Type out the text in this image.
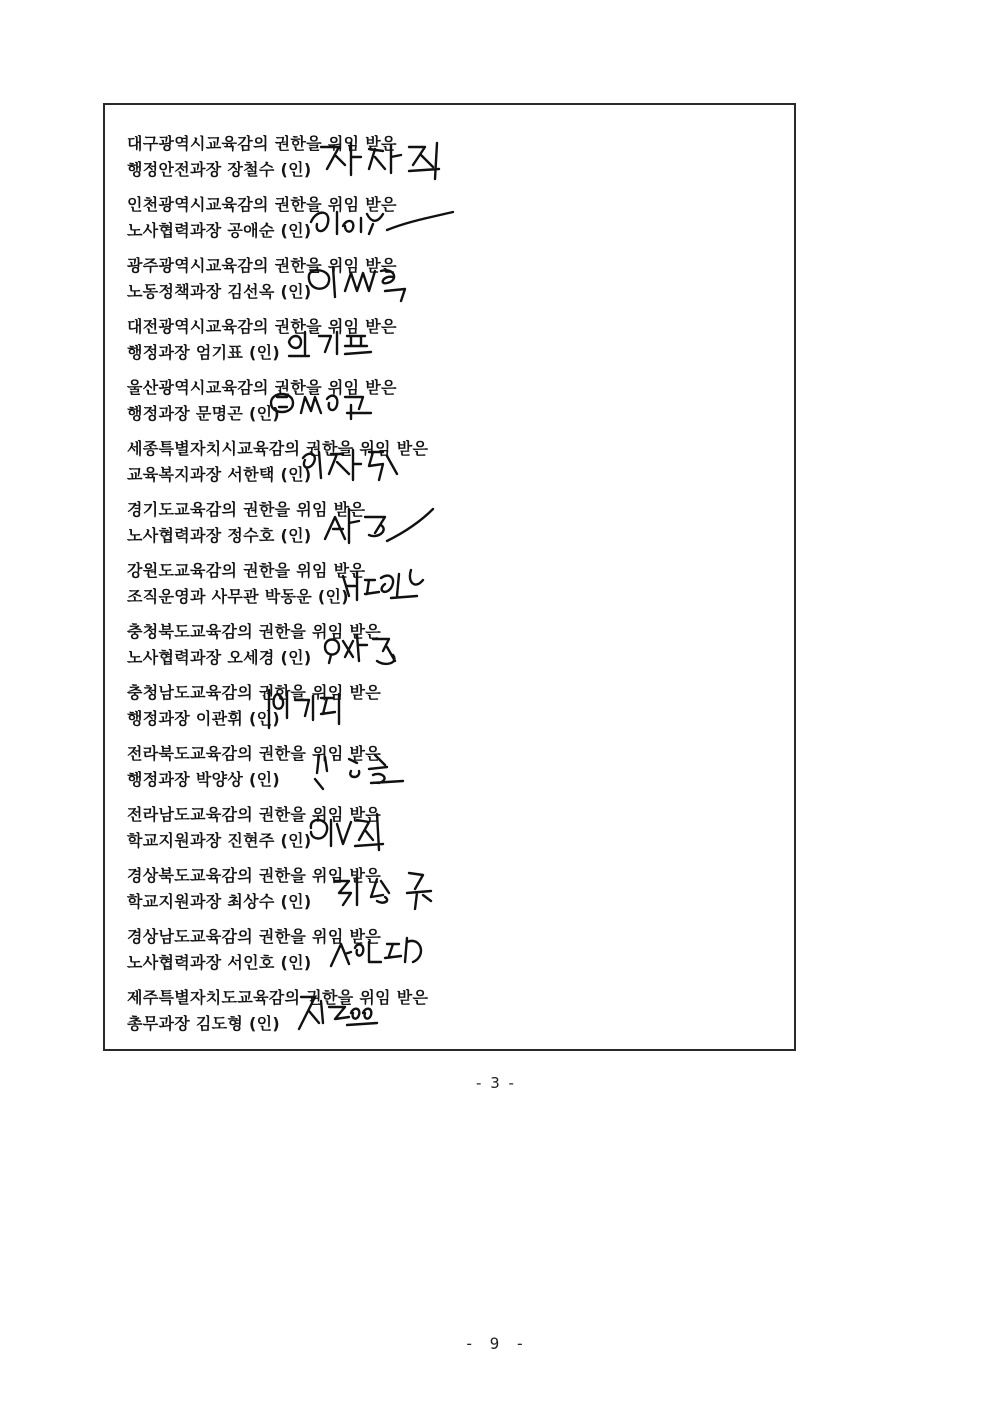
대구광역시교육감의 권한을 위임 받은
행정안전과장 장철수 (인)
인천광역시교육감의 권한을 위임 받은
노사협력과장 공애순 (인)
광주광역시교육감의 권한을 위임 받은
노동정책과장 김선옥 (인)
대전광역시교육감의 권한을 위임 받은
행정과장 엄기표 (인)
울산광역시교육감의 권한을 위임 받은
행정과장 문명곤 (인)
세종특별자치시교육감의 권한을 위임 받은
교육복지과장 서한택 (인)
경기도교육감의 권한을 위임 받은
노사협력과장 정수호 (인)
강원도교육감의 권한을 위임 받은
조직운영과 사무관 박동운 (인)
충청북도교육감의 권한을 위임 받은
노사협력과장 오세경 (인)
충청남도교육감의 권한을 위임 받은
행정과장 이관휘 (인)
전라북도교육감의 권한을 위임 받은
행정과장 박양상 (인)
전라남도교육감의 권한을 위임 받은
학교지원과장 진현주 (인)
경상북도교육감의 권한을 위임 받은
학교지원과장 최상수 (인)
경상남도교육감의 권한을 위임 받은
노사협력과장 서인호 (인)
제주특별자치도교육감의 권한을 위임 받은
총무과장 김도형 (인)
- 3 -
- 9 -
